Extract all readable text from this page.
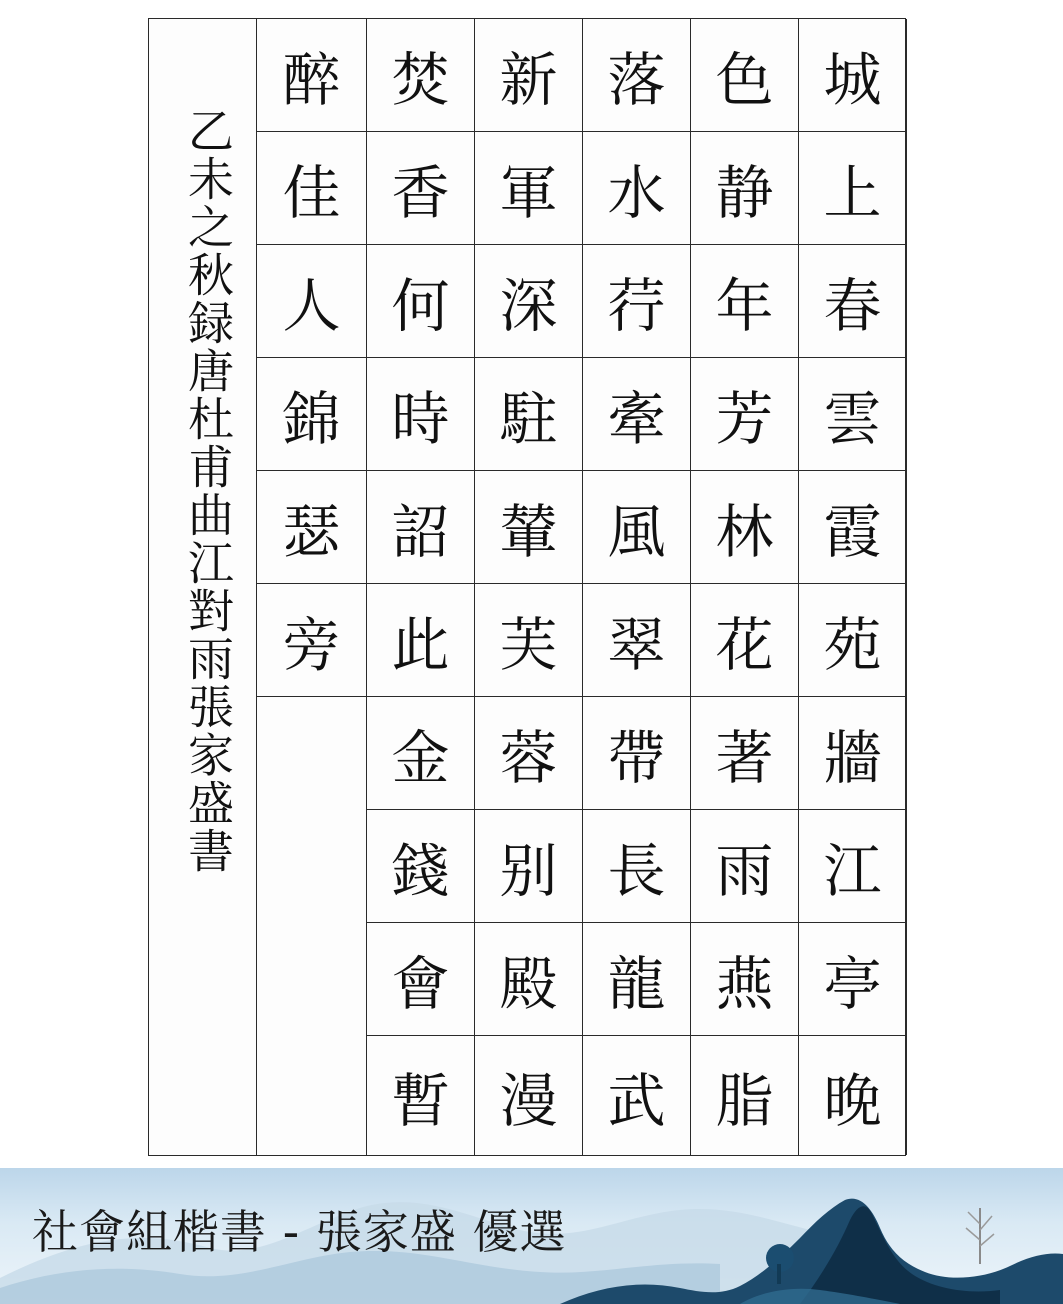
乙未之秋録唐杜甫曲江對雨張家盛書
城
上
春
雲
霞
苑
牆
江
亭
晚
色
静
年
芳
林
花
著
雨
燕
脂
落
水
荇
牽
風
翠
帶
長
龍
武
新
軍
深
駐
輦
芙
蓉
别
殿
漫
焚
香
何
時
詔
此
金
錢
會
暫
醉
佳
人
錦
瑟
旁
社會組楷書 - 張家盛 優選
